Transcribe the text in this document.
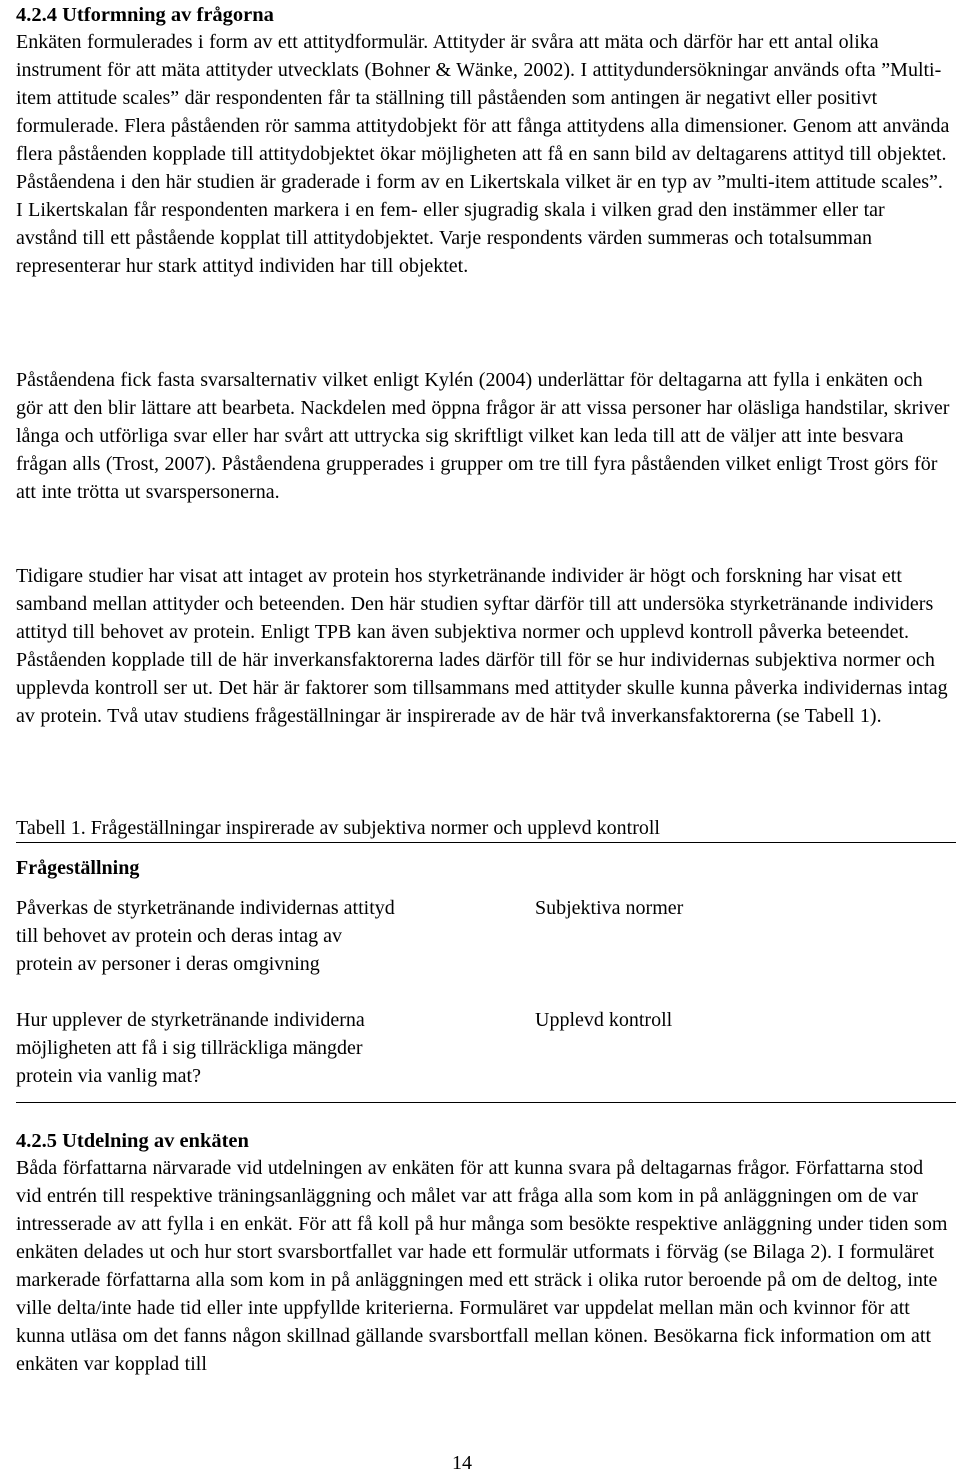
4.2.4 Utformning av frågorna

Enkäten formulerades i form av ett attitydformulär. Attityder är svåra att mäta och därför har ett antal olika instrument för att mäta attityder utvecklats (Bohner & Wänke, 2002). I attitydundersökningar används ofta ”Multi-item attitude scales” där respondenten får ta ställning till påståenden som antingen är negativt eller positivt formulerade. Flera påståenden rör samma attitydobjekt för att fånga attitydens alla dimensioner. Genom att använda flera påståenden kopplade till attitydobjektet ökar möjligheten att få en sann bild av deltagarens attityd till objektet. Påståendena i den här studien är graderade i form av en Likertskala vilket är en typ av ”multi-item attitude scales”. I Likertskalan får respondenten markera i en fem- eller sjugradig skala i vilken grad den instämmer eller tar avstånd till ett påstående kopplat till attitydobjektet. Varje respondents värden summeras och totalsumman representerar hur stark attityd individen har till objektet.

Påståendena fick fasta svarsalternativ vilket enligt Kylén (2004) underlättar för deltagarna att fylla i enkäten och gör att den blir lättare att bearbeta. Nackdelen med öppna frågor är att vissa personer har oläsliga handstilar, skriver långa och utförliga svar eller har svårt att uttrycka sig skriftligt vilket kan leda till att de väljer att inte besvara frågan alls (Trost, 2007). Påståendena grupperades i grupper om tre till fyra påståenden vilket enligt Trost görs för att inte trötta ut svarspersonerna.

Tidigare studier har visat att intaget av protein hos styrketränande individer är högt och forskning har visat ett samband mellan attityder och beteenden. Den här studien syftar därför till att undersöka styrketränande individers attityd till behovet av protein. Enligt TPB kan även subjektiva normer och upplevd kontroll påverka beteendet. Påståenden kopplade till de här inverkansfaktorerna lades därför till för se hur individernas subjektiva normer och upplevda kontroll ser ut. Det här är faktorer som tillsammans med attityder skulle kunna påverka individernas intag av protein. Två utav studiens frågeställningar är inspirerade av de här två inverkansfaktorerna (se Tabell 1).

Tabell 1. Frågeställningar inspirerade av subjektiva normer och upplevd kontroll
Frågeställning
Påverkas de styrketränande individernas attityd
till behovet av protein och deras intag av
protein av personer i deras omgivning
Subjektiva normer
Hur upplever de styrketränande individerna
möjligheten att få i sig tillräckliga mängder
protein via vanlig mat?
Upplevd kontroll
4.2.5 Utdelning av enkäten

Båda författarna närvarade vid utdelningen av enkäten för att kunna svara på deltagarnas frågor. Författarna stod vid entrén till respektive träningsanläggning och målet var att fråga alla som kom in på anläggningen om de var intresserade av att fylla i en enkät. För att få koll på hur många som besökte respektive anläggning under tiden som enkäten delades ut och hur stort svarsbortfallet var hade ett formulär utformats i förväg (se Bilaga 2). I formuläret markerade författarna alla som kom in på anläggningen med ett sträck i olika rutor beroende på om de deltog, inte ville delta/inte hade tid eller inte uppfyllde kriterierna. Formuläret var uppdelat mellan män och kvinnor för att kunna utläsa om det fanns någon skillnad gällande svarsbortfall mellan könen. Besökarna fick information om att enkäten var kopplad till

14
